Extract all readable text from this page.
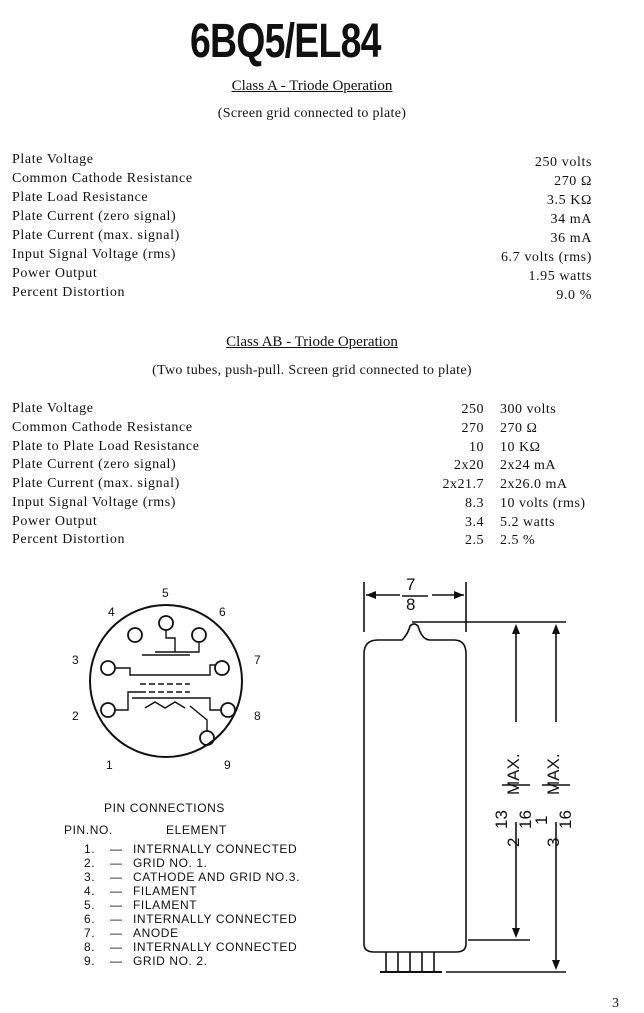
6BQ5/EL84
Class A - Triode Operation
(Screen grid connected to plate)
Plate Voltage	250 volts
Common Cathode Resistance	270 Ω
Plate Load Resistance	3.5 KΩ
Plate Current (zero signal)	34 mA
Plate Current (max. signal)	36 mA
Input Signal Voltage (rms)	6.7 volts (rms)
Power Output	1.95 watts
Percent Distortion	9.0 %
Class AB - Triode Operation
(Two tubes, push-pull. Screen grid connected to plate)
Plate Voltage	250 300 volts
Common Cathode Resistance	270 270 Ω
Plate to Plate Load Resistance	10 10 KΩ
Plate Current (zero signal)	2x20 2x24 mA
Plate Current (max. signal)	2x21.7 2x26.0 mA
Input Signal Voltage (rms)	8.3 10 volts (rms)
Power Output	3.4 5.2 watts
Percent Distortion	2.5 2.5 %
5
4	6
3	7
2	8
1	9
PIN CONNECTIONS
PIN.NO.	ELEMENT
1. — INTERNALLY CONNECTED
2. — GRID NO. 1.
3. — CATHODE AND GRID NO.3.
4. — FILAMENT
5. — FILAMENT
6. — INTERNALLY CONNECTED
7. — ANODE
8. — INTERNALLY CONNECTED
9. — GRID NO. 2.
7
8
2
13 16
MAX.
3
1 16
MAX.
3
